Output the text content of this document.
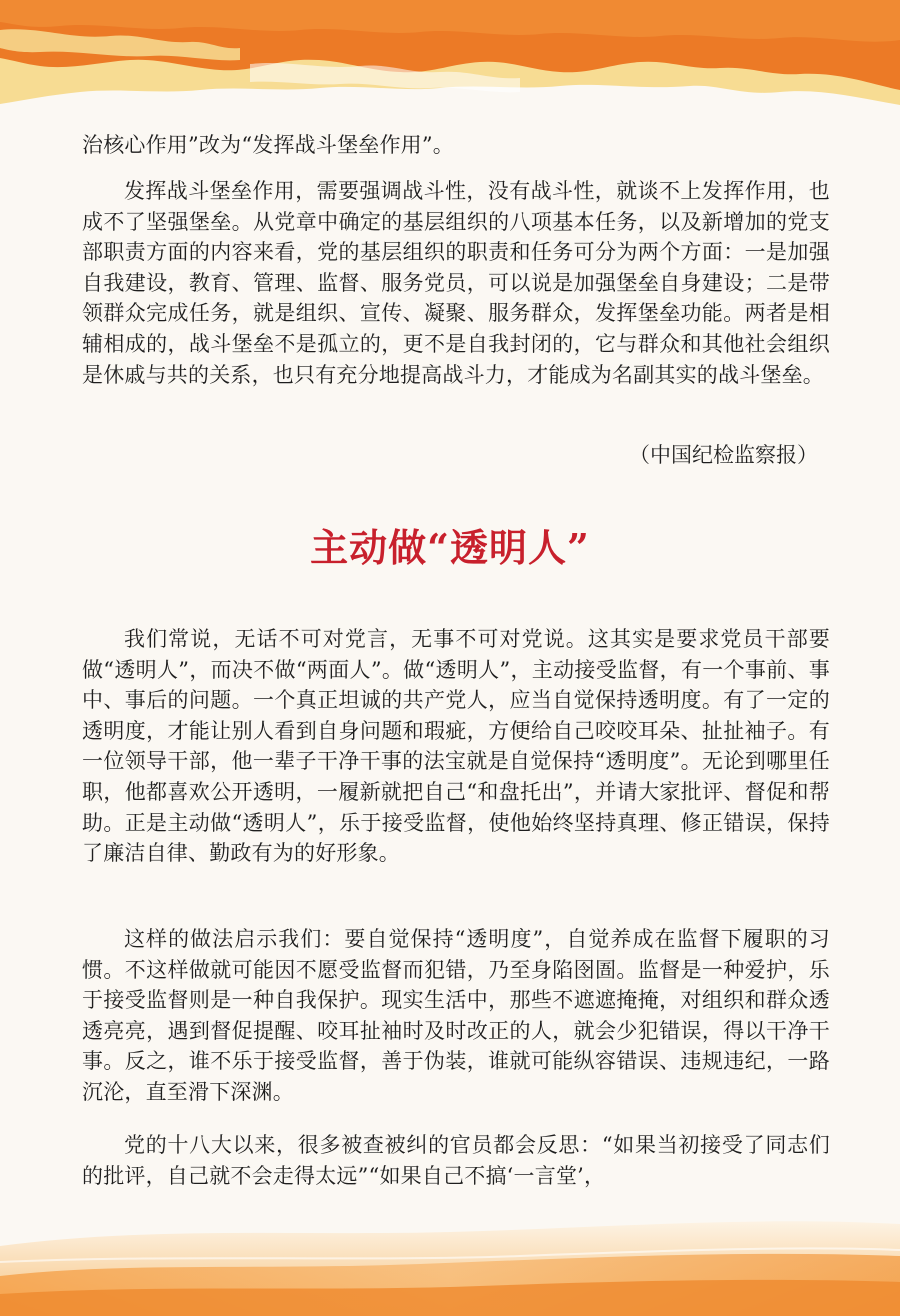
治核心作用”改为“发挥战斗堡垒作用”。

发挥战斗堡垒作用，需要强调战斗性，没有战斗性，就谈不上发挥作用，也成不了坚强堡垒。从党章中确定的基层组织的八项基本任务，以及新增加的党支部职责方面的内容来看，党的基层组织的职责和任务可分为两个方面：一是加强自我建设，教育、管理、监督、服务党员，可以说是加强堡垒自身建设；二是带领群众完成任务，就是组织、宣传、凝聚、服务群众，发挥堡垒功能。两者是相辅相成的，战斗堡垒不是孤立的，更不是自我封闭的，它与群众和其他社会组织是休戚与共的关系，也只有充分地提高战斗力，才能成为名副其实的战斗堡垒。

（中国纪检监察报）

主动做“透明人”

我们常说，无话不可对党言，无事不可对党说。这其实是要求党员干部要做“透明人”，而决不做“两面人”。做“透明人”，主动接受监督，有一个事前、事中、事后的问题。一个真正坦诚的共产党人，应当自觉保持透明度。有了一定的透明度，才能让别人看到自身问题和瑕疵，方便给自己咬咬耳朵、扯扯袖子。有一位领导干部，他一辈子干净干事的法宝就是自觉保持“透明度”。无论到哪里任职，他都喜欢公开透明，一履新就把自己“和盘托出”，并请大家批评、督促和帮助。正是主动做“透明人”，乐于接受监督，使他始终坚持真理、修正错误，保持了廉洁自律、勤政有为的好形象。

这样的做法启示我们：要自觉保持“透明度”，自觉养成在监督下履职的习惯。不这样做就可能因不愿受监督而犯错，乃至身陷囹圄。监督是一种爱护，乐于接受监督则是一种自我保护。现实生活中，那些不遮遮掩掩，对组织和群众透透亮亮，遇到督促提醒、咬耳扯袖时及时改正的人，就会少犯错误，得以干净干事。反之，谁不乐于接受监督，善于伪装，谁就可能纵容错误、违规违纪，一路沉沦，直至滑下深渊。

党的十八大以来，很多被查被纠的官员都会反思：“如果当初接受了同志们的批评，自己就不会走得太远”“如果自己不搞‘一言堂’，
